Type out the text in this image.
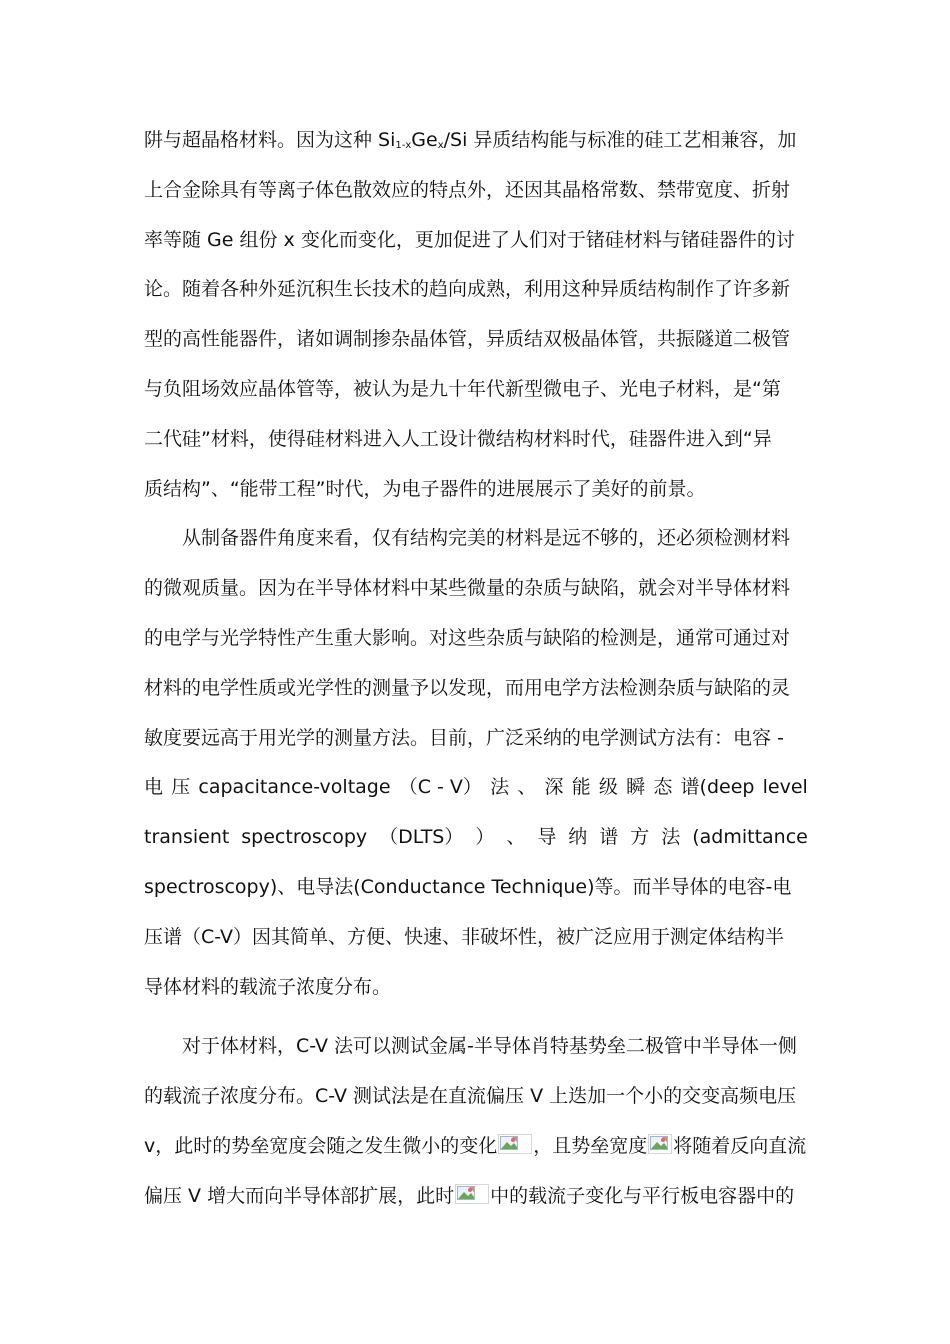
阱与超晶格材料。因为这种 $Si_{1-x}Ge_x/Si$ 异质结构能与标准的硅工艺相兼容，加
上合金除具有等离子体色散效应的特点外，还因其晶格常数、禁带宽度、折射
率等随 Ge 组份 x 变化而变化，更加促进了人们对于锗硅材料与锗硅器件的讨
论。随着各种外延沉积生长技术的趋向成熟，利用这种异质结构制作了许多新
型的高性能器件，诸如调制掺杂晶体管，异质结双极晶体管，共振隧道二极管
与负阻场效应晶体管等，被认为是九十年代新型微电子、光电子材料，是“第
二代硅”材料，使得硅材料进入人工设计微结构材料时代，硅器件进入到“异
质结构”、“能带工程”时代，为电子器件的进展展示了美好的前景。
从制备器件角度来看，仅有结构完美的材料是远不够的，还必须检测材料
的微观质量。因为在半导体材料中某些微量的杂质与缺陷，就会对半导体材料
的电学与光学特性产生重大影响。对这些杂质与缺陷的检测是，通常可通过对
材料的电学性质或光学性的测量予以发现，而用电学方法检测杂质与缺陷的灵
敏度要远高于用光学的测量方法。目前，广泛采纳的电学测试方法有：电容 -
电 压 capacitance-voltage （C - V） 法 、 深 能 级 瞬 态 谱(deep level
transient spectroscopy （DLTS） ） 、 导 纳 谱 方 法 (admittance
spectroscopy)、电导法(Conductance Technique)等。而半导体的电容-电
压谱（C-V）因其简单、方便、快速、非破坏性，被广泛应用于测定体结构半
导体材料的载流子浓度分布。
对于体材料，C-V 法可以测试金属-半导体肖特基势垒二极管中半导体一侧
的载流子浓度分布。C-V 测试法是在直流偏压 V 上迭加一个小的交变高频电压
v，此时的势垒宽度会随之发生微小的变化 ，且势垒宽度 将随着反向直流
偏压 V 增大而向半导体部扩展，此时 中的载流子变化与平行板电容器中的
